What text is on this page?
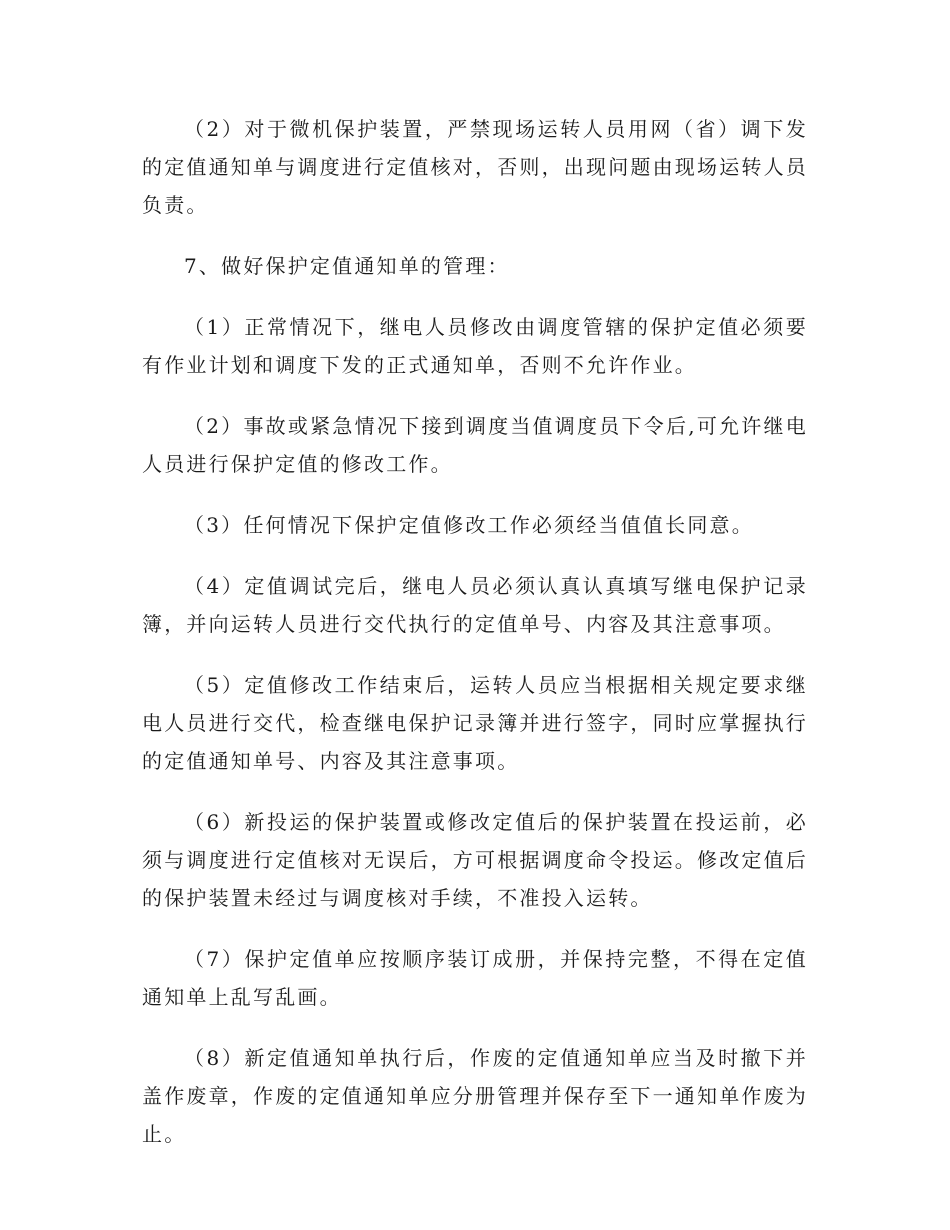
（2）对于微机保护装置，严禁现场运转人员用网（省）调下发的定值通知单与调度进行定值核对，否则，出现问题由现场运转人员负责。

7、做好保护定值通知单的管理：

（1）正常情况下，继电人员修改由调度管辖的保护定值必须要有作业计划和调度下发的正式通知单，否则不允许作业。

（2）事故或紧急情况下接到调度当值调度员下令后,可允许继电人员进行保护定值的修改工作。

（3）任何情况下保护定值修改工作必须经当值值长同意。

（4）定值调试完后，继电人员必须认真认真填写继电保护记录簿，并向运转人员进行交代执行的定值单号、内容及其注意事项。

（5）定值修改工作结束后，运转人员应当根据相关规定要求继电人员进行交代，检查继电保护记录簿并进行签字，同时应掌握执行的定值通知单号、内容及其注意事项。

（6）新投运的保护装置或修改定值后的保护装置在投运前，必须与调度进行定值核对无误后，方可根据调度命令投运。修改定值后的保护装置未经过与调度核对手续，不准投入运转。

（7）保护定值单应按顺序装订成册，并保持完整，不得在定值通知单上乱写乱画。

（8）新定值通知单执行后，作废的定值通知单应当及时撤下并盖作废章，作废的定值通知单应分册管理并保存至下一通知单作废为止。
